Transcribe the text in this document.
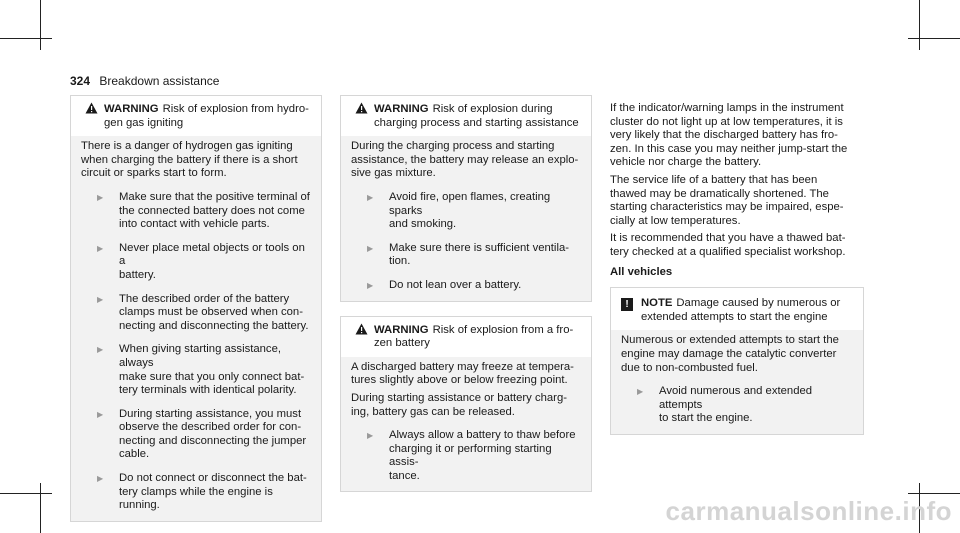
324 Breakdown assistance
WARNING Risk of explosion from hydro-
gen gas igniting

There is a danger of hydrogen gas igniting
when charging the battery if there is a short
circuit or sparks start to form.

▶	Make sure that the positive terminal of
the connected battery does not come
into contact with vehicle parts.
▶	Never place metal objects or tools on a
battery.
▶	The described order of the battery
clamps must be observed when con-
necting and disconnecting the battery.
▶	When giving starting assistance, always
make sure that you only connect bat-
tery terminals with identical polarity.
▶	During starting assistance, you must
observe the described order for con-
necting and disconnecting the jumper
cable.
▶	Do not connect or disconnect the bat-
tery clamps while the engine is running.
WARNING Risk of explosion during
charging process and starting assistance

During the charging process and starting
assistance, the battery may release an explo-
sive gas mixture.

▶	Avoid fire, open flames, creating sparks
and smoking.
▶	Make sure there is sufficient ventila-
tion.
▶	Do not lean over a battery.
WARNING Risk of explosion from a fro-
zen battery

A discharged battery may freeze at tempera-
tures slightly above or below freezing point.

During starting assistance or battery charg-
ing, battery gas can be released.

▶	Always allow a battery to thaw before
charging it or performing starting assis-
tance.

If the indicator/warning lamps in the instrument
cluster do not light up at low temperatures, it is
very likely that the discharged battery has fro-
zen. In this case you may neither jump-start the
vehicle nor charge the battery.

The service life of a battery that has been
thawed may be dramatically shortened. The
starting characteristics may be impaired, espe-
cially at low temperatures.

It is recommended that you have a thawed bat-
tery checked at a qualified specialist workshop.

All vehicles
!	NOTE Damage caused by numerous or
extended attempts to start the engine

Numerous or extended attempts to start the
engine may damage the catalytic converter
due to non-combusted fuel.

▶	Avoid numerous and extended attempts
to start the engine.
carmanualsonline.info
